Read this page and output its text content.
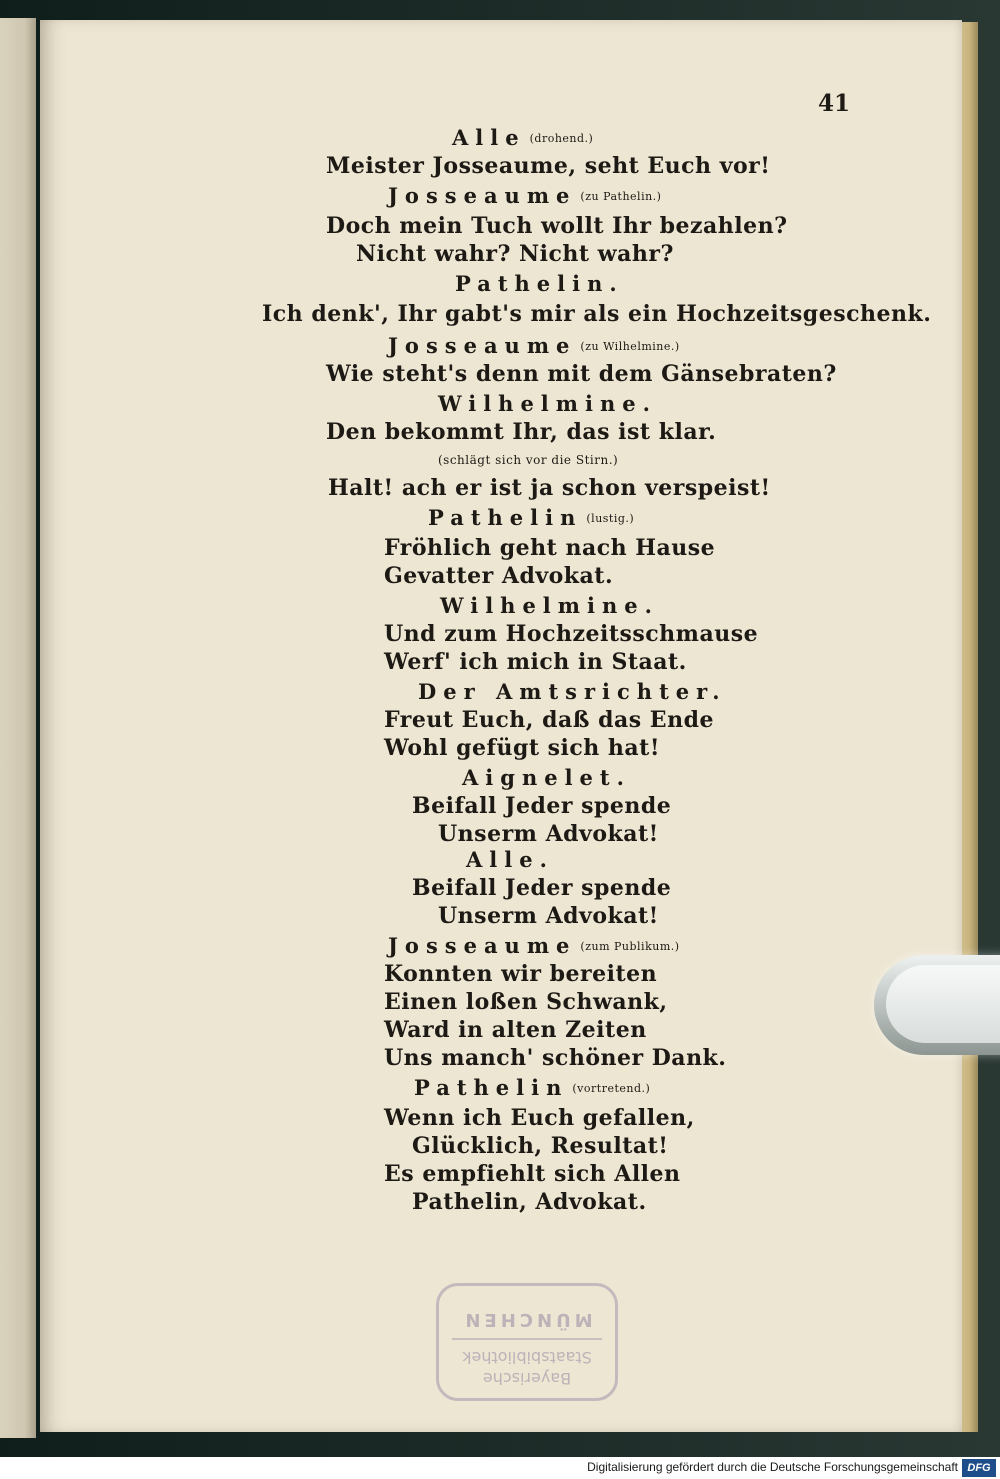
41
Alle (drohend.)
Meister Josseaume, seht Euch vor!
Josseaume (zu Pathelin.)
Doch mein Tuch wollt Ihr bezahlen?
Nicht wahr? Nicht wahr?
Pathelin.
Ich denk', Ihr gabt's mir als ein Hochzeitsgeschenk.
Josseaume (zu Wilhelmine.)
Wie steht's denn mit dem Gänsebraten?
Wilhelmine.
Den bekommt Ihr, das ist klar.
(schlägt sich vor die Stirn.)
Halt! ach er ist ja schon verspeist!
Pathelin (lustig.)
Fröhlich geht nach Hause
Gevatter Advokat.
Wilhelmine.
Und zum Hochzeitsschmause
Werf' ich mich in Staat.
Der Amtsrichter.
Freut Euch, daß das Ende
Wohl gefügt sich hat!
Aignelet.
Beifall Jeder spende
Unserm Advokat!
Alle.
Beifall Jeder spende
Unserm Advokat!
Josseaume (zum Publikum.)
Konnten wir bereiten
Einen loßen Schwank,
Ward in alten Zeiten
Uns manch' schöner Dank.
Pathelin (vortretend.)
Wenn ich Euch gefallen,
Glücklich, Resultat!
Es empfiehlt sich Allen
Pathelin, Advokat.
Bayerische
Staatsbibliothek
MÜNCHEN
Digitalisierung gefördert durch die Deutsche Forschungsgemeinschaft DFG
